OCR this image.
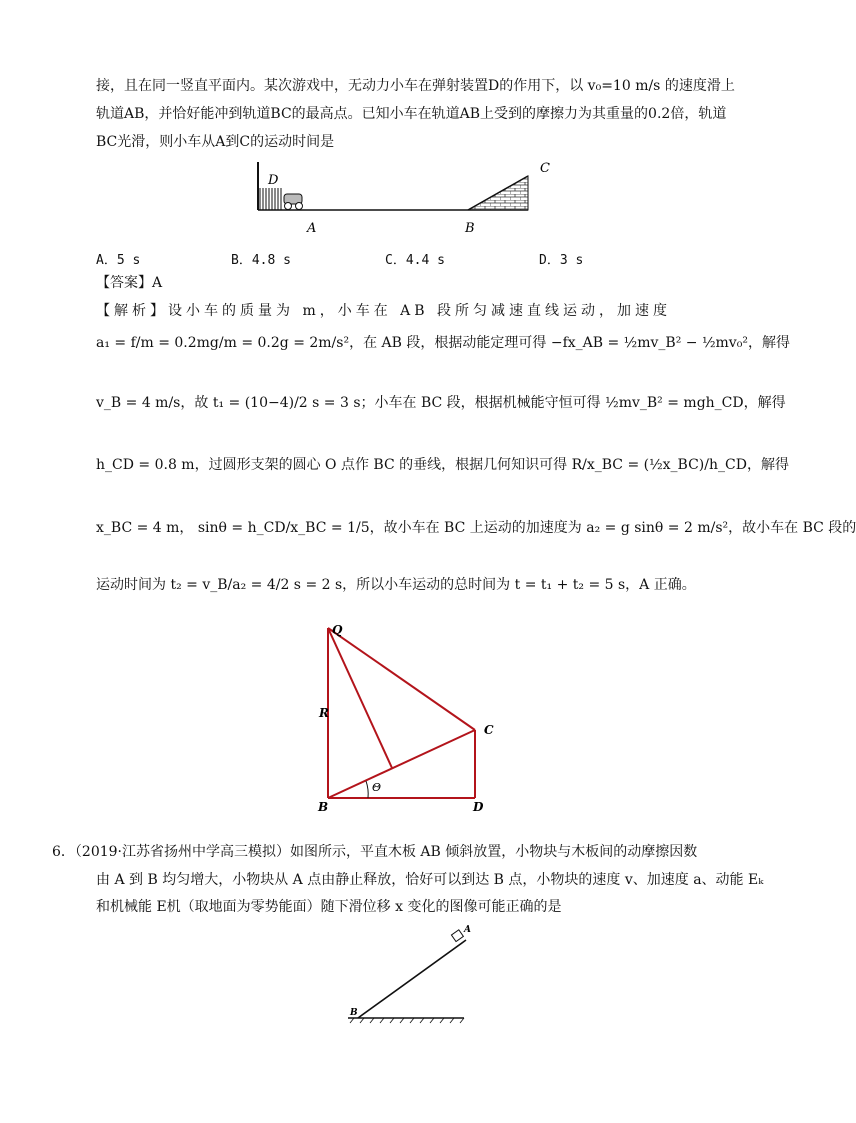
接，且在同一竖直平面内。某次游戏中，无动力小车在弹射装置D的作用下，以 v₀=10 m/s 的速度滑上
轨道AB，并恰好能冲到轨道BC的最高点。已知小车在轨道AB上受到的摩擦力为其重量的0.2倍，轨道
BC光滑，则小车从A到C的运动时间是
D
A	B
C
A．5 s	B．4.8 s	C．4.4 s	D．3 s
【答案】A
【解析】设小车的质量为 m，小车在 AB 段所匀减速直线运动，加速度
a₁ = f/m = 0.2mg/m = 0.2g = 2m/s²，在 AB 段，根据动能定理可得 −fx_AB = ½mv_B² − ½mv₀²，解得
v_B = 4 m/s，故 t₁ = (10−4)/2 s = 3 s；小车在 BC 段，根据机械能守恒可得 ½mv_B² = mgh_CD，解得
h_CD = 0.8 m，过圆形支架的圆心 O 点作 BC 的垂线，根据几何知识可得 R/x_BC = (½x_BC)/h_CD，解得
x_BC = 4 m， sinθ = h_CD/x_BC = 1/5，故小车在 BC 上运动的加速度为 a₂ = g sinθ = 2 m/s²，故小车在 BC 段的
运动时间为 t₂ = v_B/a₂ = 4/2 s = 2 s，所以小车运动的总时间为 t = t₁ + t₂ = 5 s，A 正确。
Q
R
C
B	D
Θ
6．（2019·江苏省扬州中学高三模拟）如图所示，平直木板 AB 倾斜放置，小物块与木板间的动摩擦因数
由 A 到 B 均匀增大，小物块从 A 点由静止释放，恰好可以到达 B 点，小物块的速度 v、加速度 a、动能 Eₖ
和机械能 E机（取地面为零势能面）随下滑位移 x 变化的图像可能正确的是
A
B
